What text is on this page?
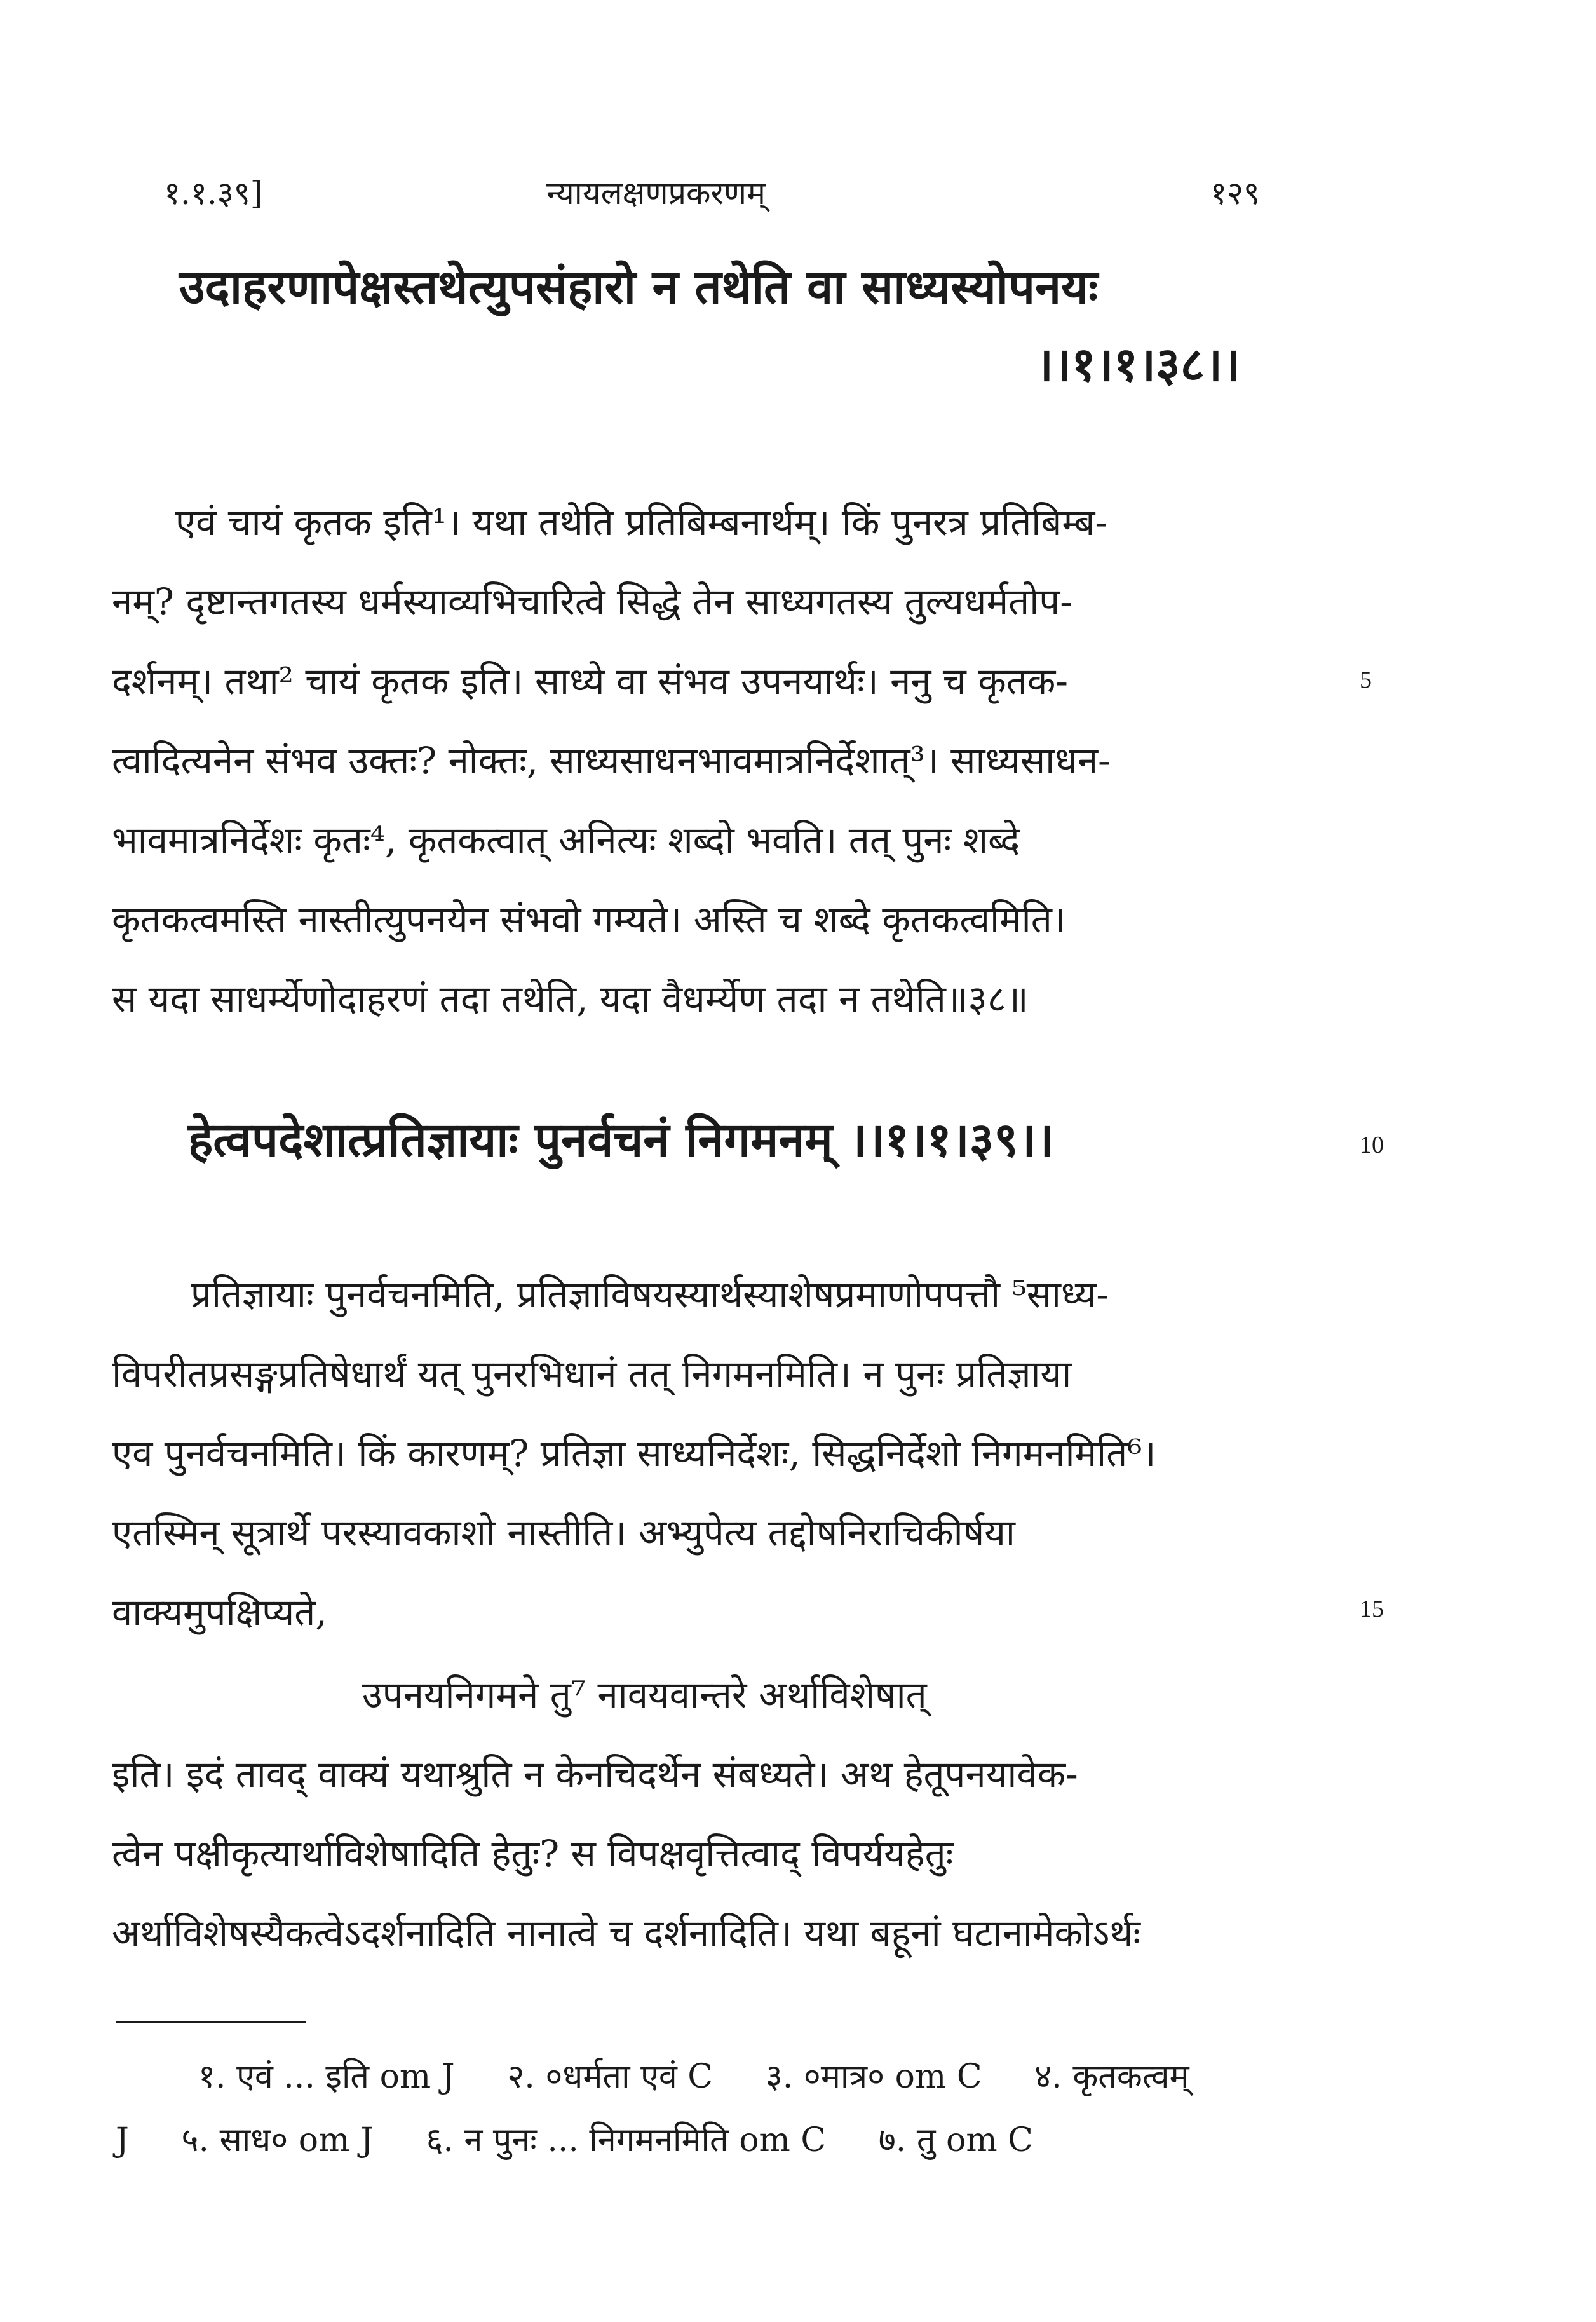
१.१.३९]	न्यायलक्षणप्रकरणम्	१२९
उदाहरणापेक्षस्तथेत्युपसंहारो न तथेति वा साध्यस्योपनयः
।।१।१।३८।।
एवं चायं कृतक इति¹। यथा तथेति प्रतिबिम्बनार्थम्। किं पुनरत्र प्रतिबिम्ब-
नम्? दृष्टान्तगतस्य धर्मस्याव्यभिचारित्वे सिद्धे तेन साध्यगतस्य तुल्यधर्मतोप-
दर्शनम्। तथा² चायं कृतक इति। साध्ये वा संभव उपनयार्थः। ननु च कृतक-
त्वादित्यनेन संभव उक्तः? नोक्तः, साध्यसाधनभावमात्रनिर्देशात्³। साध्यसाधन-
भावमात्रनिर्देशः कृतः⁴, कृतकत्वात् अनित्यः शब्दो भवति। तत् पुनः शब्दे
कृतकत्वमस्ति नास्तीत्युपनयेन संभवो गम्यते। अस्ति च शब्दे कृतकत्वमिति।
स यदा साधर्म्येणोदाहरणं तदा तथेति, यदा वैधर्म्येण तदा न तथेति॥३८॥
5
हेत्वपदेशात्प्रतिज्ञायाः पुनर्वचनं निगमनम् ।।१।१।३९।।	10
प्रतिज्ञायाः पुनर्वचनमिति, प्रतिज्ञाविषयस्यार्थस्याशेषप्रमाणोपपत्तौ ⁵साध्य-
विपरीतप्रसङ्गप्रतिषेधार्थं यत् पुनरभिधानं तत् निगमनमिति। न पुनः प्रतिज्ञाया
एव पुनर्वचनमिति। किं कारणम्? प्रतिज्ञा साध्यनिर्देशः, सिद्धनिर्देशो निगमनमिति⁶।
एतस्मिन् सूत्रार्थे परस्यावकाशो नास्तीति। अभ्युपेत्य तद्दोषनिराचिकीर्षया
वाक्यमुपक्षिप्यते,	15
उपनयनिगमने तु⁷ नावयवान्तरे अर्थाविशेषात्
इति। इदं तावद् वाक्यं यथाश्रुति न केनचिदर्थेन संबध्यते। अथ हेतूपनयावेक-
त्वेन पक्षीकृत्यार्थाविशेषादिति हेतुः? स विपक्षवृत्तित्वाद् विपर्ययहेतुः
अर्थाविशेषस्यैकत्वेऽदर्शनादिति नानात्वे च दर्शनादिति। यथा बहूनां घटानामेकोऽर्थः
१. एवं ... इति om J     २. ०धर्मता एवं C     ३. ०मात्र० om C     ४. कृतकत्वम्
J     ५. साध० om J     ६. न पुनः ... निगमनमिति om C     ७. तु om C
